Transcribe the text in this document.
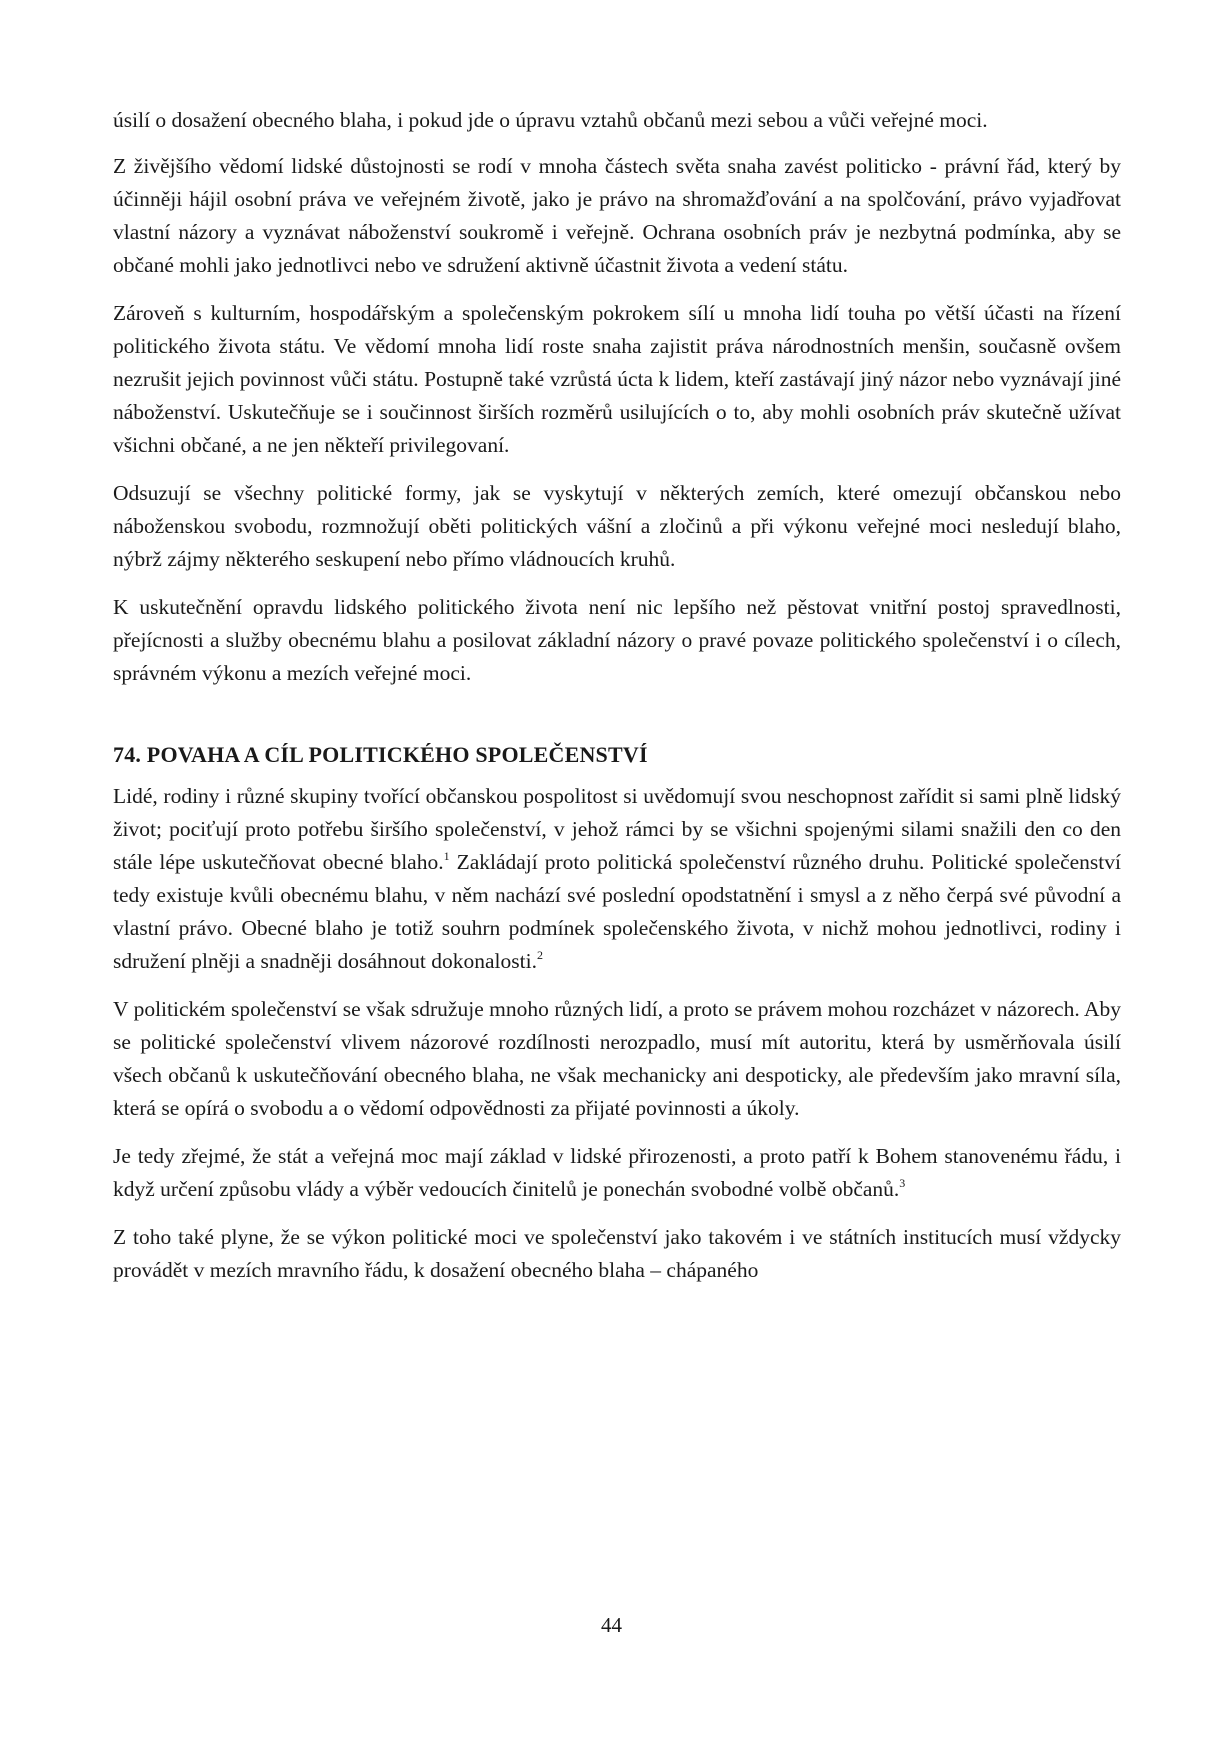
úsilí o dosažení obecného blaha, i pokud jde o úpravu vztahů občanů mezi sebou a vůči veřejné moci.

Z živějšího vědomí lidské důstojnosti se rodí v mnoha částech světa snaha zavést politicko - právní řád, který by účinněji hájil osobní práva ve veřejném životě, jako je právo na shromažďování a na spolčování, právo vyjadřovat vlastní názory a vyznávat náboženství soukromě i veřejně. Ochrana osobních práv je nezbytná podmínka, aby se občané mohli jako jednotlivci nebo ve sdružení aktivně účastnit života a vedení státu.

Zároveň s kulturním, hospodářským a společenským pokrokem sílí u mnoha lidí touha po větší účasti na řízení politického života státu. Ve vědomí mnoha lidí roste snaha zajistit práva národnostních menšin, současně ovšem nezrušit jejich povinnost vůči státu. Postupně také vzrůstá úcta k lidem, kteří zastávají jiný názor nebo vyznávají jiné náboženství. Uskutečňuje se i součinnost širších rozměrů usilujících o to, aby mohli osobních práv skutečně užívat všichni občané, a ne jen někteří privilegovaní.

Odsuzují se všechny politické formy, jak se vyskytují v některých zemích, které omezují občanskou nebo náboženskou svobodu, rozmnožují oběti politických vášní a zločinů a při výkonu veřejné moci nesledují blaho, nýbrž zájmy některého seskupení nebo přímo vládnoucích kruhů.

K uskutečnění opravdu lidského politického života není nic lepšího než pěstovat vnitřní postoj spravedlnosti, přejícnosti a služby obecnému blahu a posilovat základní názory o pravé povaze politického společenství i o cílech, správném výkonu a mezích veřejné moci.

74. POVAHA A CÍL POLITICKÉHO SPOLEČENSTVÍ

Lidé, rodiny i různé skupiny tvořící občanskou pospolitost si uvědomují svou neschopnost zařídit si sami plně lidský život; pociťují proto potřebu širšího společenství, v jehož rámci by se všichni spojenými silami snažili den co den stále lépe uskutečňovat obecné blaho.$^1$ Zakládají proto politická společenství různého druhu. Politické společenství tedy existuje kvůli obecnému blahu, v něm nachází své poslední opodstatnění i smysl a z něho čerpá své původní a vlastní právo. Obecné blaho je totiž souhrn podmínek společenského života, v nichž mohou jednotlivci, rodiny i sdružení plněji a snadněji dosáhnout dokonalosti.$^2$

V politickém společenství se však sdružuje mnoho různých lidí, a proto se právem mohou rozcházet v názorech. Aby se politické společenství vlivem názorové rozdílnosti nerozpadlo, musí mít autoritu, která by usměrňovala úsilí všech občanů k uskutečňování obecného blaha, ne však mechanicky ani despoticky, ale především jako mravní síla, která se opírá o svobodu a o vědomí odpovědnosti za přijaté povinnosti a úkoly.

Je tedy zřejmé, že stát a veřejná moc mají základ v lidské přirozenosti, a proto patří k Bohem stanovenému řádu, i když určení způsobu vlády a výběr vedoucích činitelů je ponechán svobodné volbě občanů.$^3$

Z toho také plyne, že se výkon politické moci ve společenství jako takovém i ve státních institucích musí vždycky provádět v mezích mravního řádu, k dosažení obecného blaha – chápaného

44
